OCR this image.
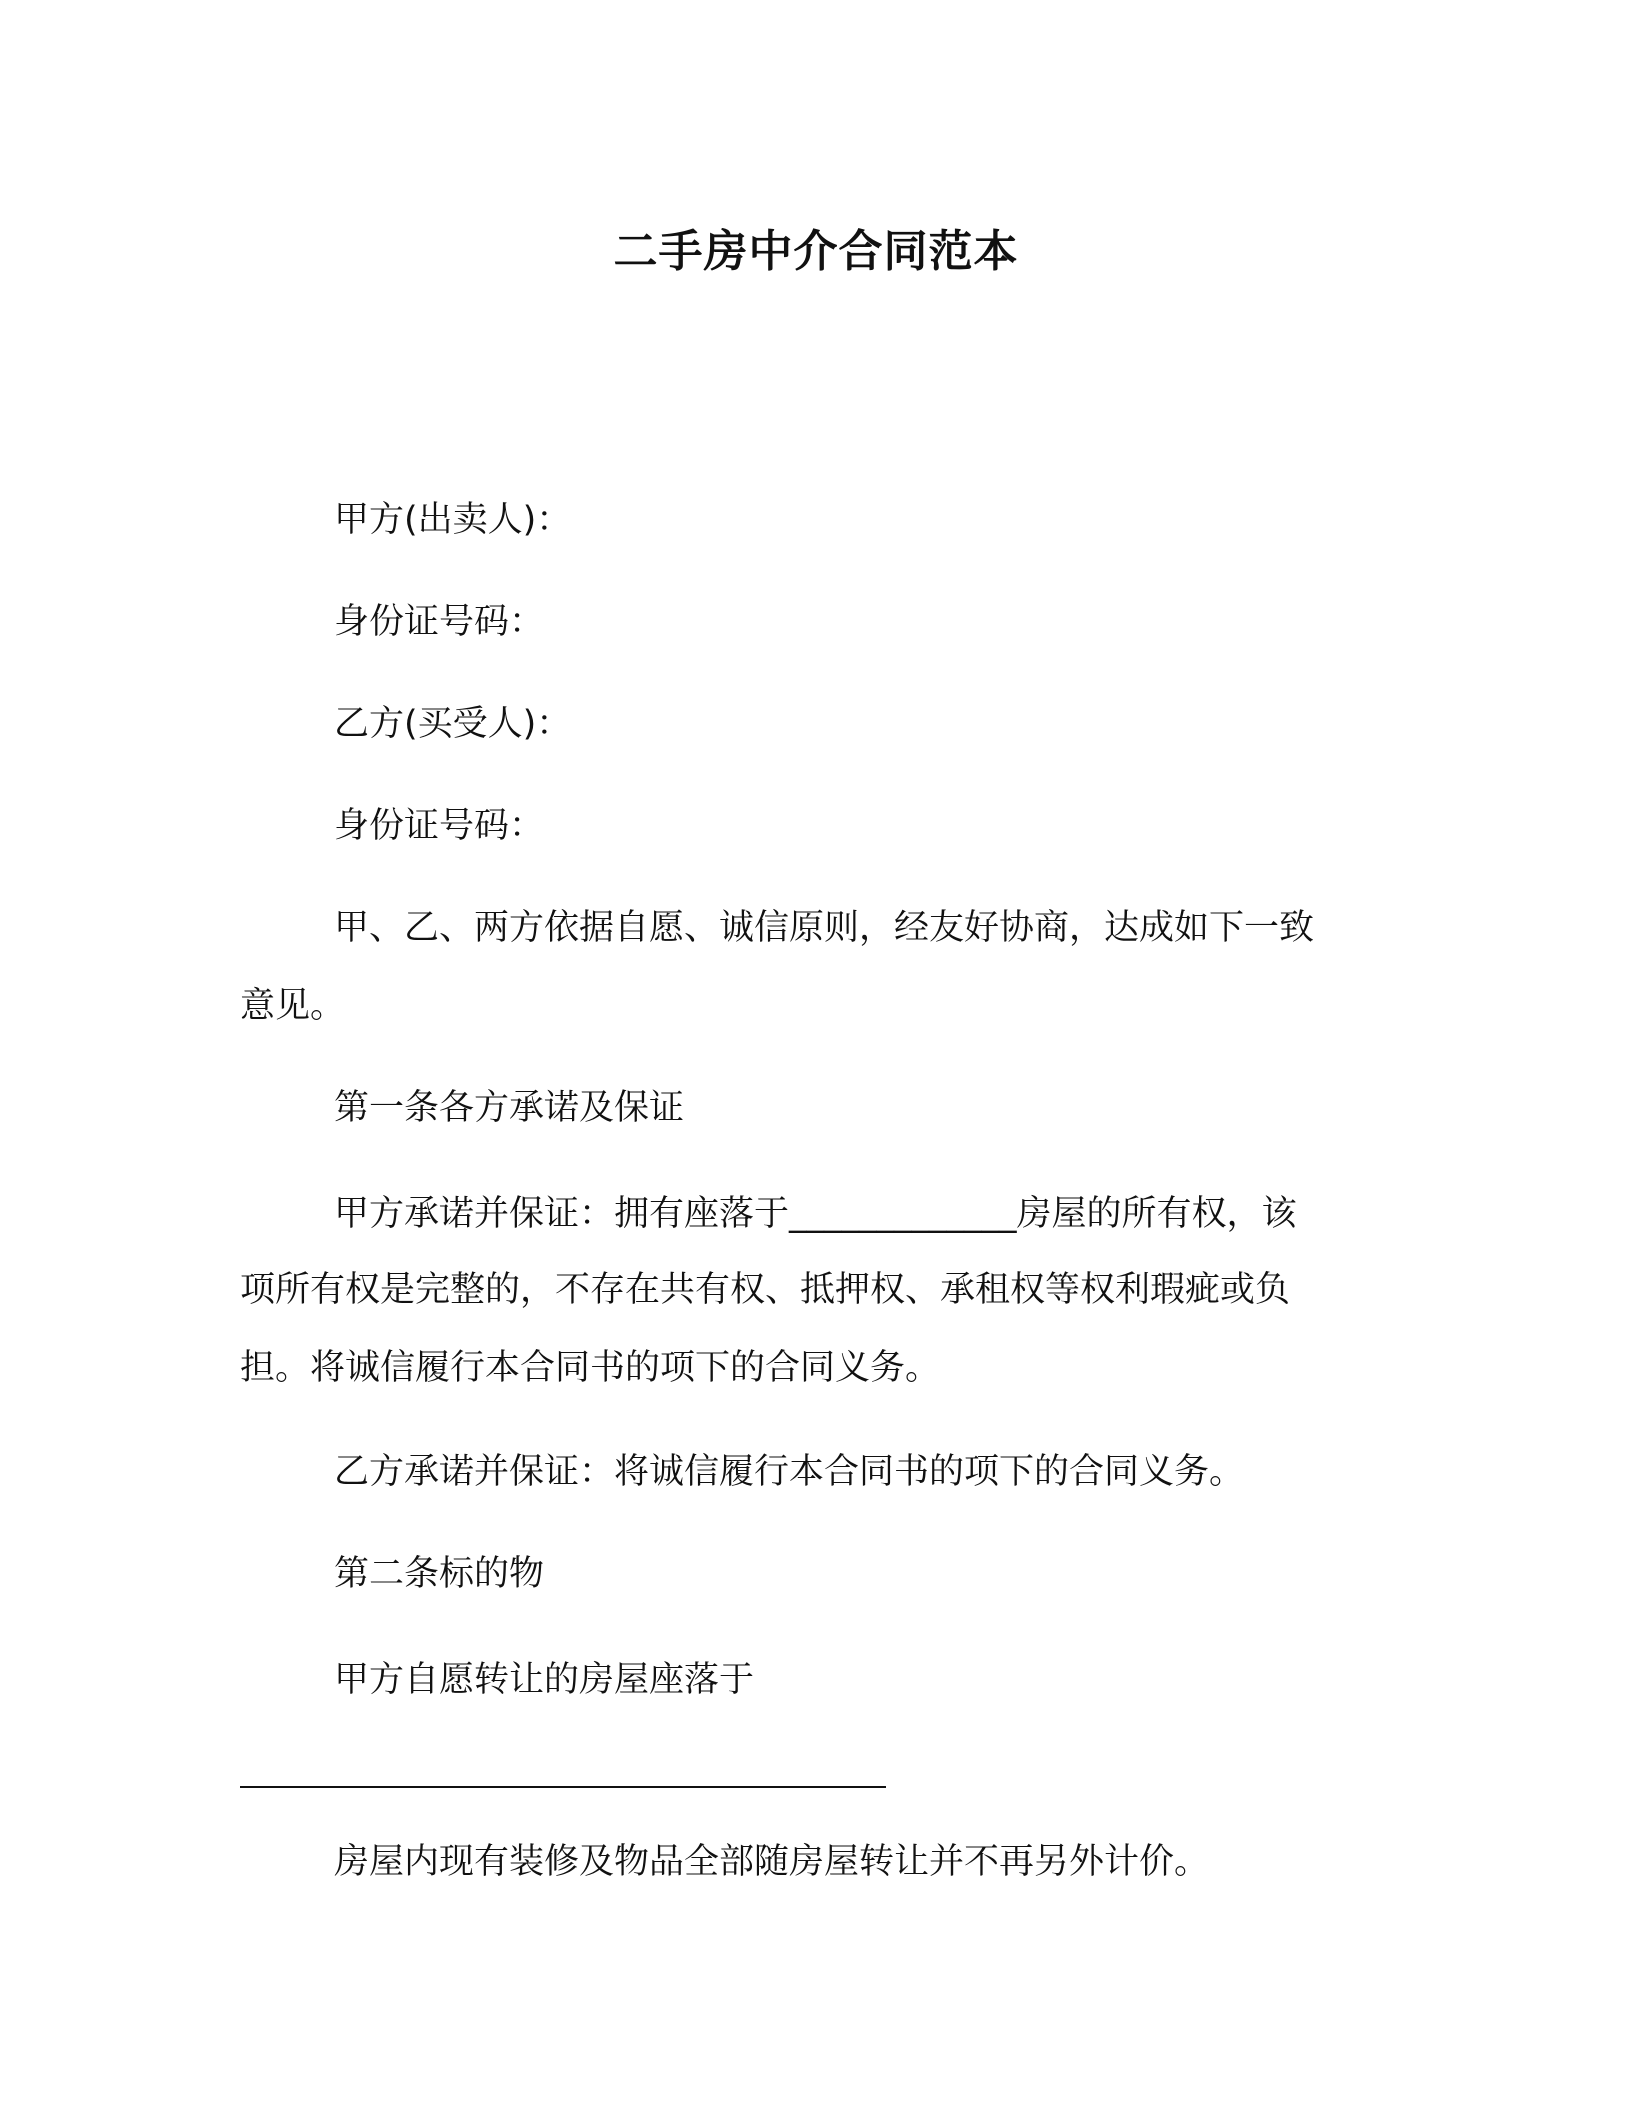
二手房中介合同范本
甲方(出卖人)：
身份证号码：
乙方(买受人)：
身份证号码：
甲、乙、两方依据自愿、诚信原则，经友好协商，达成如下一致
意见。
第一条各方承诺及保证
甲方承诺并保证：拥有座落于_____________房屋的所有权，该
项所有权是完整的，不存在共有权、抵押权、承租权等权利瑕疵或负
担。将诚信履行本合同书的项下的合同义务。
乙方承诺并保证：将诚信履行本合同书的项下的合同义务。
第二条标的物
甲方自愿转让的房屋座落于
房屋内现有装修及物品全部随房屋转让并不再另外计价。
